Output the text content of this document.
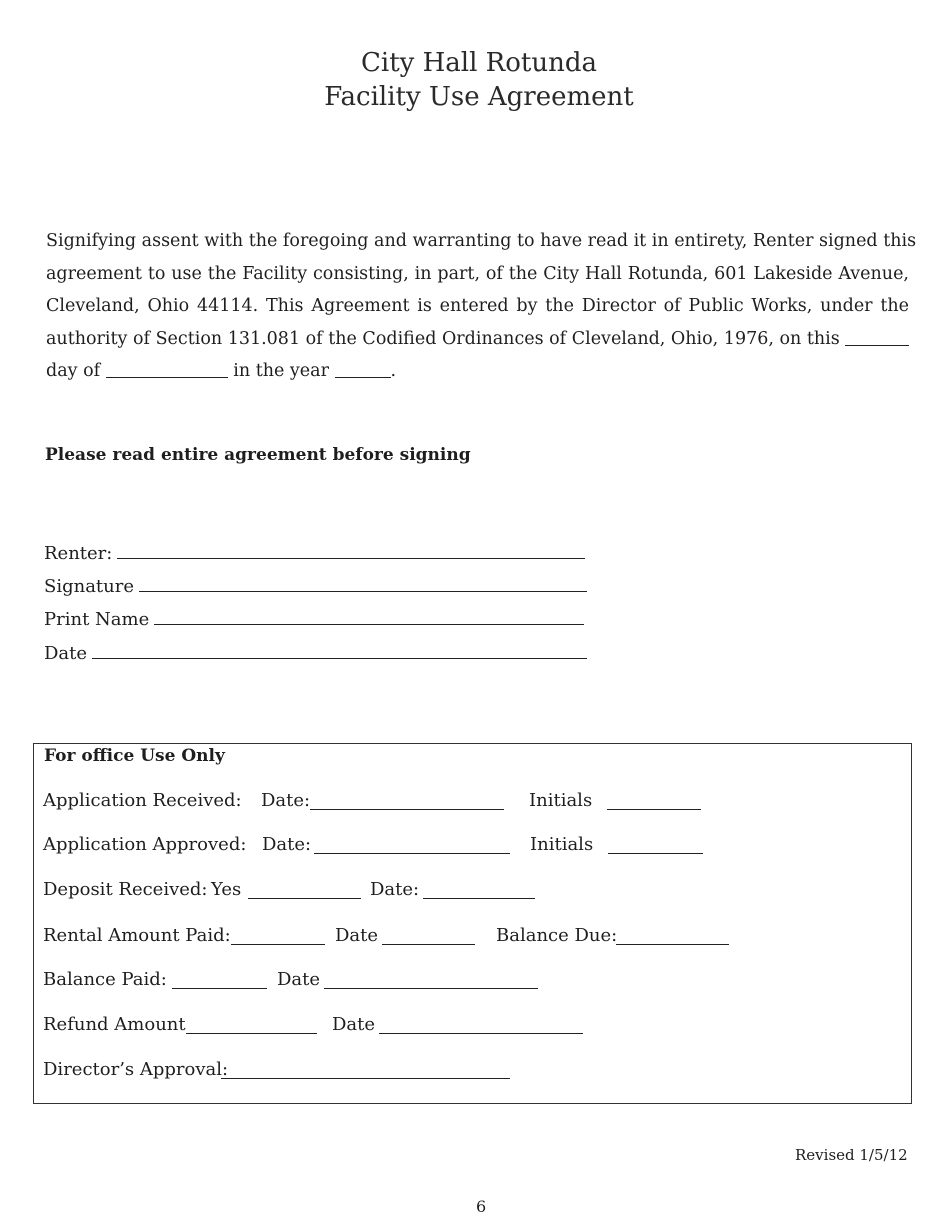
City Hall Rotunda
Facility Use Agreement
Signifying assent with the foregoing and warranting to have read it in entirety, Renter signed this
agreement to use the Facility consisting, in part, of the City Hall Rotunda, 601 Lakeside Avenue,
Cleveland, Ohio 44114. This Agreement is entered by the Director of Public Works, under the
authority of Section 131.081 of the Codified Ordinances of Cleveland, Ohio, 1976, on this
day of	in the year	.
Please read entire agreement before signing
Renter:
Signature
Print Name
Date
For office Use Only
Application Received: Date:	Initials
Application Approved: Date:	Initials
Deposit Received: Yes	Date:
Rental Amount Paid:	Date	Balance Due:
Balance Paid:	Date
Refund Amount	Date
Director’s Approval:
Revised 1/5/12
6
